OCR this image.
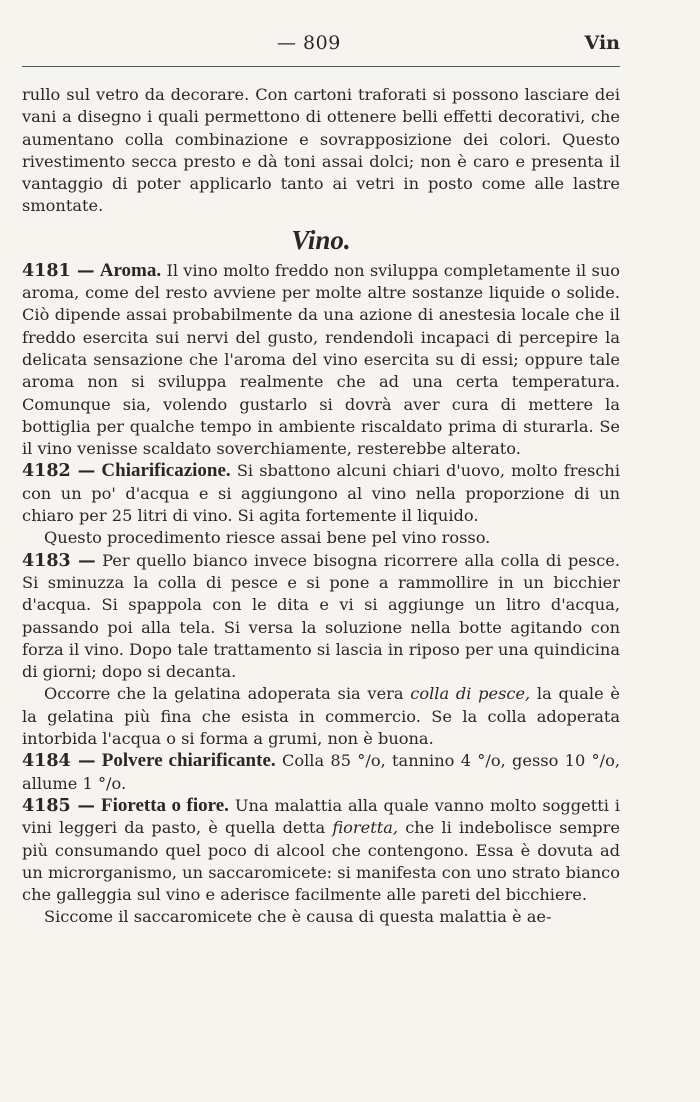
— 809	Vin

rullo sul vetro da decorare. Con cartoni traforati si possono lasciare dei vani a disegno i quali permettono di ottenere belli effetti decorativi, che aumentano colla combinazione e sovrapposizione dei colori. Questo rivestimento secca presto e dà toni assai dolci; non è caro e presenta il vantaggio di poter applicarlo tanto ai vetri in posto come alle lastre smontate.

Vino.

4181 — Aroma. Il vino molto freddo non sviluppa completamente il suo aroma, come del resto avviene per molte altre sostanze liquide o solide. Ciò dipende assai probabilmente da una azione di anestesia locale che il freddo esercita sui nervi del gusto, rendendoli incapaci di percepire la delicata sensazione che l'aroma del vino esercita su di essi; oppure tale aroma non si sviluppa realmente che ad una certa temperatura. Comunque sia, volendo gustarlo si dovrà aver cura di mettere la bottiglia per qualche tempo in ambiente riscaldato prima di sturarla. Se il vino venisse scaldato soverchiamente, resterebbe alterato.

4182 — Chiarificazione. Si sbattono alcuni chiari d'uovo, molto freschi con un po' d'acqua e si aggiungono al vino nella proporzione di un chiaro per 25 litri di vino. Si agita fortemente il liquido.

Questo procedimento riesce assai bene pel vino rosso.

4183 — Per quello bianco invece bisogna ricorrere alla colla di pesce. Si sminuzza la colla di pesce e si pone a rammollire in un bicchier d'acqua. Si spappola con le dita e vi si aggiunge un litro d'acqua, passando poi alla tela. Si versa la soluzione nella botte agitando con forza il vino. Dopo tale trattamento si lascia in riposo per una quindicina di giorni; dopo si decanta.

Occorre che la gelatina adoperata sia vera colla di pesce, la quale è la gelatina più fina che esista in commercio. Se la colla adoperata intorbida l'acqua o si forma a grumi, non è buona.

4184 — Polvere chiarificante. Colla 85 °/o, tannino 4 °/o, gesso 10 °/o, allume 1 °/o.

4185 — Fioretta o fiore. Una malattia alla quale vanno molto soggetti i vini leggeri da pasto, è quella detta fioretta, che li indebolisce sempre più consumando quel poco di alcool che contengono. Essa è dovuta ad un microrganismo, un saccaromicete: si manifesta con uno strato bianco che galleggia sul vino e aderisce facilmente alle pareti del bicchiere.

Siccome il saccaromicete che è causa di questa malattia è ae-
